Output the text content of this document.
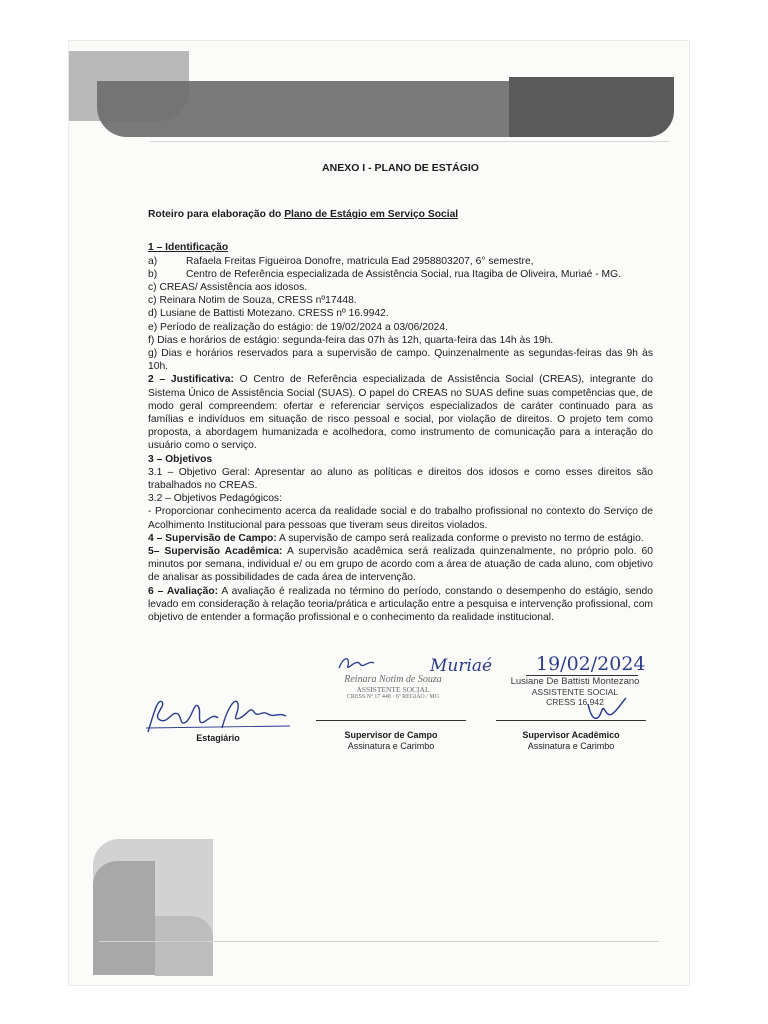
ANEXO I - PLANO DE ESTÁGIO

Roteiro para elaboração do Plano de Estágio em Serviço Social

1 – Identificação

a)	Rafaela Freitas Figueiroa Donofre, matricula Ead 2958803207, 6° semestre,
b)	Centro de Referência especializada de Assistência Social, rua Itagiba de Oliveira, Muriaé - MG.

c) CREAS/ Assistência aos idosos.

c) Reinara Notim de Souza, CRESS nº17448.

d) Lusiane de Battisti Motezano. CRESS nº 16.9942.

e) Período de realização do estágio: de 19/02/2024 a 03/06/2024.

f) Dias e horários de estágio: segunda-feira das 07h às 12h, quarta-feira das 14h às 19h.

g) Dias e horários reservados para a supervisão de campo. Quinzenalmente as segundas-feiras das 9h às 10h.

2 – Justificativa: O Centro de Referência especializada de Assistência Social (CREAS), integrante do Sistema Único de Assistência Social (SUAS). O papel do CREAS no SUAS define suas competências que, de modo geral compreendem: ofertar e referenciar serviços especializados de caráter continuado para as famílias e indivíduos em situação de risco pessoal e social, por violação de direitos. O projeto tem como proposta, a abordagem humanizada e acolhedora, como instrumento de comunicação para a interação do usuário como o serviço.

3 – Objetivos

3.1 – Objetivo Geral: Apresentar ao aluno as políticas e direitos dos idosos e como esses direitos são trabalhados no CREAS.

3.2 – Objetivos Pedagógicos:

- Proporcionar conhecimento acerca da realidade social e do trabalho profissional no contexto do Serviço de Acolhimento Institucional para pessoas que tiveram seus direitos violados.

4 – Supervisão de Campo: A supervisão de campo será realizada conforme o previsto no termo de estágio.

5– Supervisão Acadêmica: A supervisão acadêmica será realizada quinzenalmente, no próprio polo. 60 minutos por semana, individual e/ ou em grupo de acordo com a área de atuação de cada aluno, com objetivo de analisar as possibilidades de cada área de intervenção.

6 – Avaliação: A avaliação é realizada no término do período, constando o desempenho do estágio, sendo levado em consideração à relação teoria/prática e articulação entre a pesquisa e intervenção profissional, com objetivo de entender a formação profissional e o conhecimento da realidade institucional.

Muriaé 19/02/2024
Estagiário
Reinara Notim de Souza
ASSISTENTE SOCIAL
CRESS Nº 17 448 · 6ª REGIÃO / MG
Supervisor de Campo
Assinatura e Carimbo
Lusiane De Battisti Montezano
ASSISTENTE SOCIAL
CRESS 16.942
Supervisor Acadêmico
Assinatura e Carimbo
